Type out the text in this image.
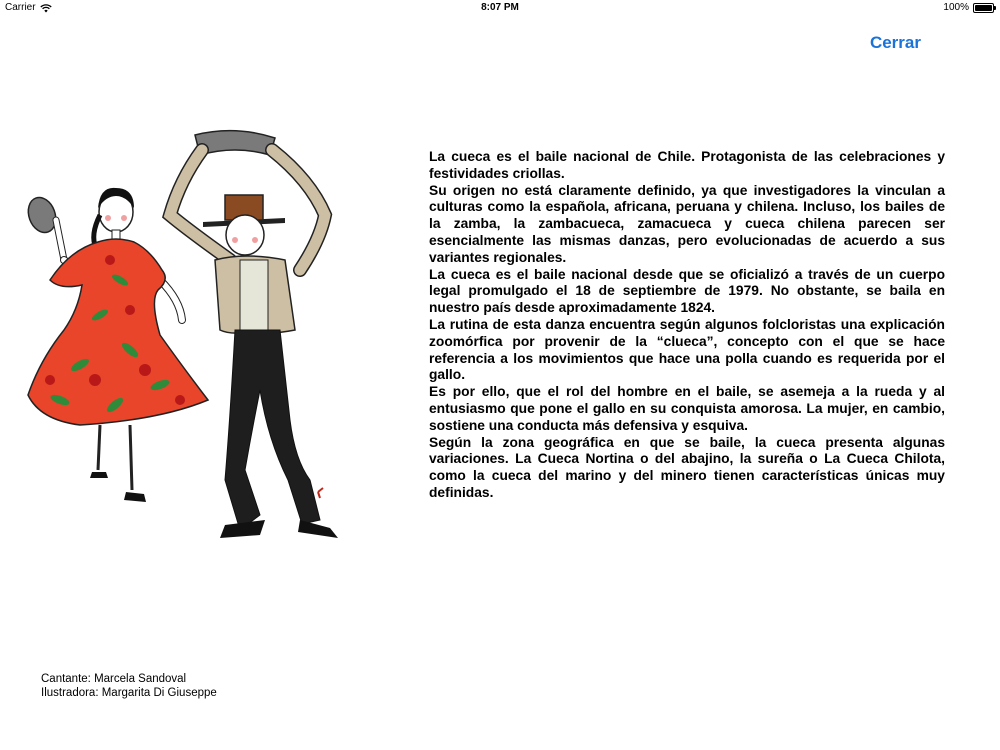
Carrier	8:07 PM	100%
Cerrar

La cueca es el baile nacional de Chile. Protagonista de las celebraciones y festividades criollas.

Su origen no está claramente definido, ya que investigadores la vinculan a culturas como la española, africana, peruana y chilena. Incluso, los bailes de la zamba, la zambacueca, zamacueca y cueca chilena parecen ser esencialmente las mismas danzas, pero evolucionadas de acuerdo a sus variantes regionales.

La cueca es el baile nacional desde que se oficializó a través de un cuerpo legal promulgado el 18 de septiembre de 1979. No obstante, se baila en nuestro país desde aproximadamente 1824.

La rutina de esta danza encuentra según algunos folcloristas una explicación zoomórfica por provenir de la “clueca”, concepto con el que se hace referencia a los movimientos que hace una polla cuando es requerida por el gallo.

Es por ello, que el rol del hombre en el baile, se asemeja a la rueda y al entusiasmo que pone el gallo en su conquista amorosa. La mujer, en cambio, sostiene una conducta más defensiva y esquiva.

Según la zona geográfica en que se baile, la cueca presenta algunas variaciones. La Cueca Nortina o del abajino, la sureña o La Cueca Chilota, como la cueca del marino y del minero tienen características únicas muy definidas.

Cantante: Marcela Sandoval
Ilustradora: Margarita Di Giuseppe
